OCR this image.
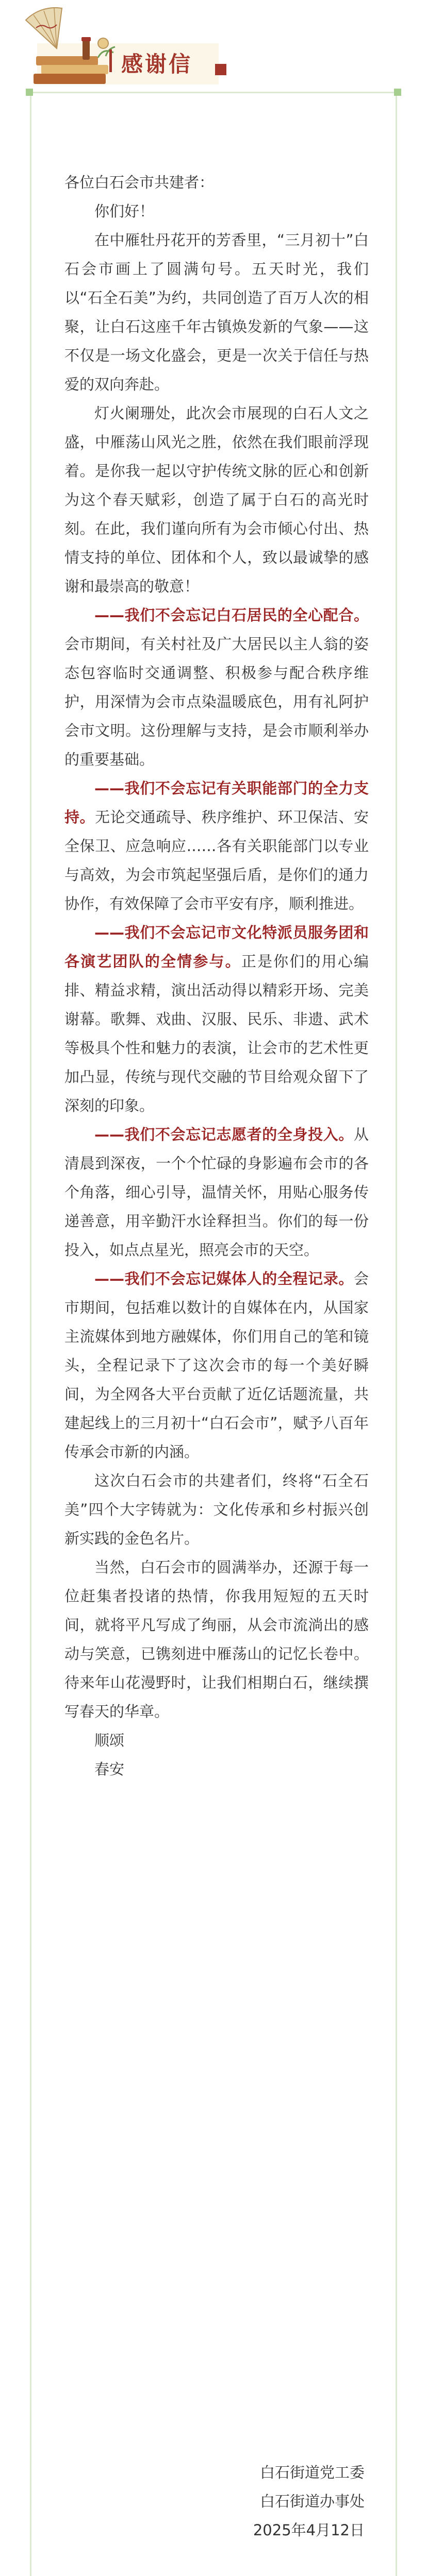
感谢信

各位白石会市共建者：

你们好！

在中雁牡丹花开的芳香里，“三月初十”白石会市画上了圆满句号。五天时光，我们以“石全石美”为约，共同创造了百万人次的相聚，让白石这座千年古镇焕发新的气象——这不仅是一场文化盛会，更是一次关于信任与热爱的双向奔赴。

灯火阑珊处，此次会市展现的白石人文之盛，中雁荡山风光之胜，依然在我们眼前浮现着。是你我一起以守护传统文脉的匠心和创新为这个春天赋彩，创造了属于白石的高光时刻。在此，我们谨向所有为会市倾心付出、热情支持的单位、团体和个人，致以最诚挚的感谢和最崇高的敬意！

——我们不会忘记白石居民的全心配合。会市期间，有关村社及广大居民以主人翁的姿态包容临时交通调整、积极参与配合秩序维护，用深情为会市点染温暖底色，用有礼阿护会市文明。这份理解与支持，是会市顺利举办的重要基础。

——我们不会忘记有关职能部门的全力支持。无论交通疏导、秩序维护、环卫保洁、安全保卫、应急响应……各有关职能部门以专业与高效，为会市筑起坚强后盾，是你们的通力协作，有效保障了会市平安有序，顺利推进。

——我们不会忘记市文化特派员服务团和各演艺团队的全情参与。正是你们的用心编排、精益求精，演出活动得以精彩开场、完美谢幕。歌舞、戏曲、汉服、民乐、非遗、武术等极具个性和魅力的表演，让会市的艺术性更加凸显，传统与现代交融的节目给观众留下了深刻的印象。

——我们不会忘记志愿者的全身投入。从清晨到深夜，一个个忙碌的身影遍布会市的各个角落，细心引导，温情关怀，用贴心服务传递善意，用辛勤汗水诠释担当。你们的每一份投入，如点点星光，照亮会市的天空。

——我们不会忘记媒体人的全程记录。会市期间，包括难以数计的自媒体在内，从国家主流媒体到地方融媒体，你们用自己的笔和镜头，全程记录下了这次会市的每一个美好瞬间，为全网各大平台贡献了近亿话题流量，共建起线上的三月初十“白石会市”，赋予八百年传承会市新的内涵。

这次白石会市的共建者们，终将“石全石美”四个大字铸就为：文化传承和乡村振兴创新实践的金色名片。

当然，白石会市的圆满举办，还源于每一位赶集者投诸的热情，你我用短短的五天时间，就将平凡写成了绚丽，从会市流淌出的感动与笑意，已镌刻进中雁荡山的记忆长卷中。待来年山花漫野时，让我们相期白石，继续撰写春天的华章。

顺颂

春安

白石街道党工委
白石街道办事处
2025年4月12日
